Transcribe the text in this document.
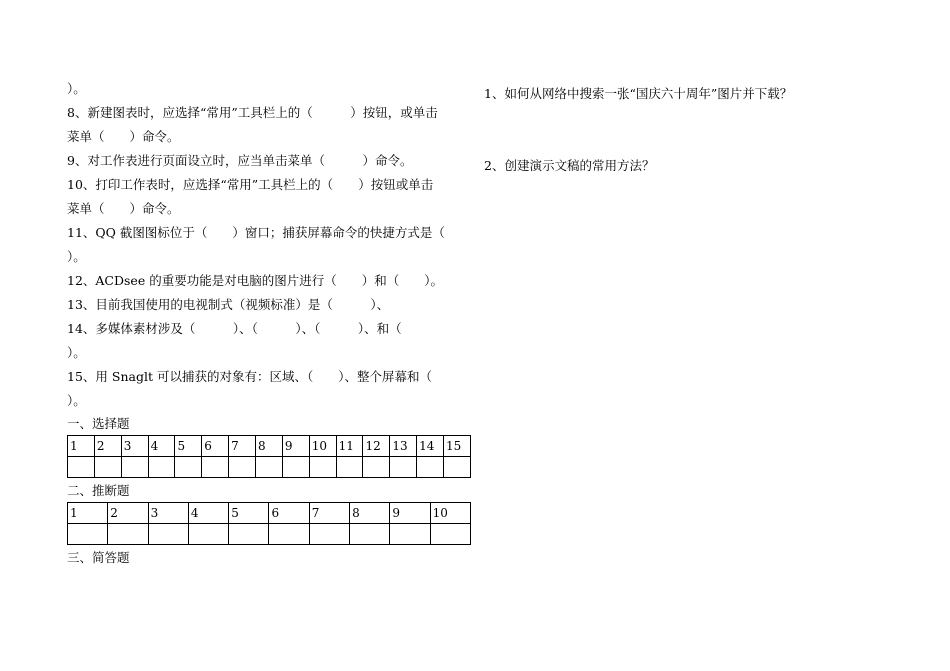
）。
8、新建图表时，应选择“常用”工具栏上的（　　　）按钮，或单击
菜单（　　）命令。
9、对工作表进行页面设立时，应当单击菜单（　　　）命令。
10、打印工作表时，应选择“常用”工具栏上的（　　）按钮或单击
菜单（　　）命令。
11、QQ 截图图标位于（　　）窗口；捕获屏幕命令的快捷方式是（
）。
12、ACDsee 的重要功能是对电脑的图片进行（　　）和（　　）。
13、目前我国使用的电视制式（视频标准）是（　　　）、
14、多媒体素材涉及（　　　）、（　　　）、（　　　）、和（
）。
15、用 Snaglt 可以捕获的对象有：区域、（　　）、整个屏幕和（
）。
一、选择题
1	2	3	4	5	6	7	8	9	10	11	12	13	14	15

二、推断题
1	2	3	4	5	6	7	8	9	10

三、简答题
1、如何从网络中搜索一张“国庆六十周年”图片并下载？
2、创建演示文稿的常用方法？
